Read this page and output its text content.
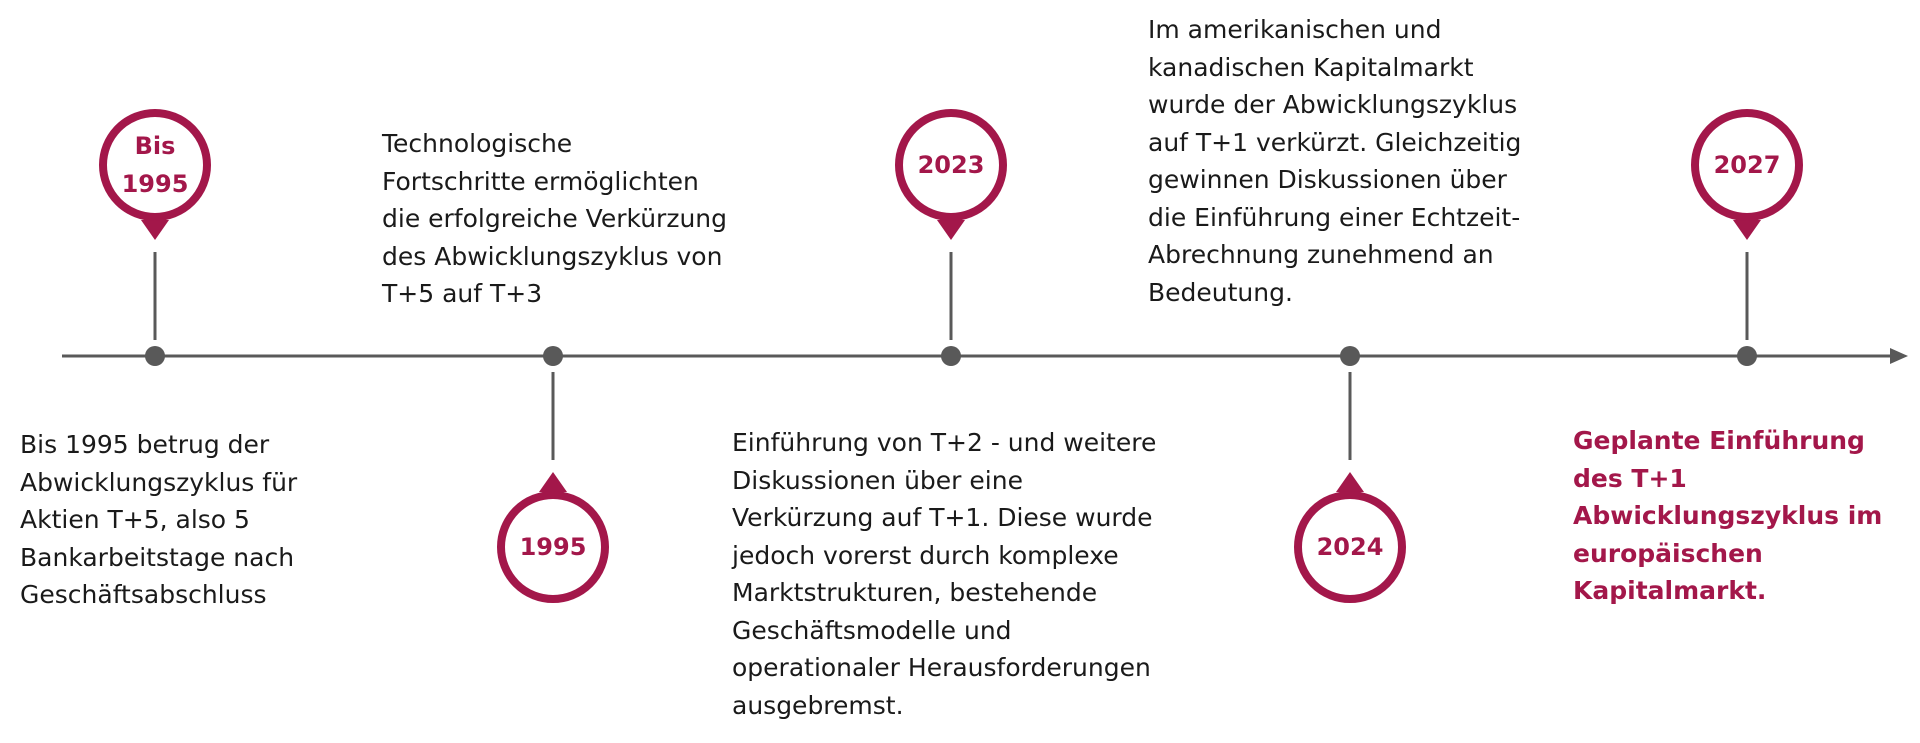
Bis
1995
1995
2023
2024
2027
Bis 1995 betrug der
Abwicklungszyklus für
Aktien T+5, also 5
Bankarbeitstage nach
Geschäftsabschluss
Technologische
Fortschritte ermöglichten
die erfolgreiche Verkürzung
des Abwicklungszyklus von
T+5 auf T+3
Einführung von T+2 - und weitere
Diskussionen über eine
Verkürzung auf T+1. Diese wurde
jedoch vorerst durch komplexe
Marktstrukturen, bestehende
Geschäftsmodelle und
operationaler Herausforderungen
ausgebremst.
Im amerikanischen und
kanadischen Kapitalmarkt
wurde der Abwicklungszyklus
auf T+1 verkürzt. Gleichzeitig
gewinnen Diskussionen über
die Einführung einer Echtzeit-
Abrechnung zunehmend an
Bedeutung.
Geplante Einführung
des T+1
Abwicklungszyklus im
europäischen
Kapitalmarkt.
